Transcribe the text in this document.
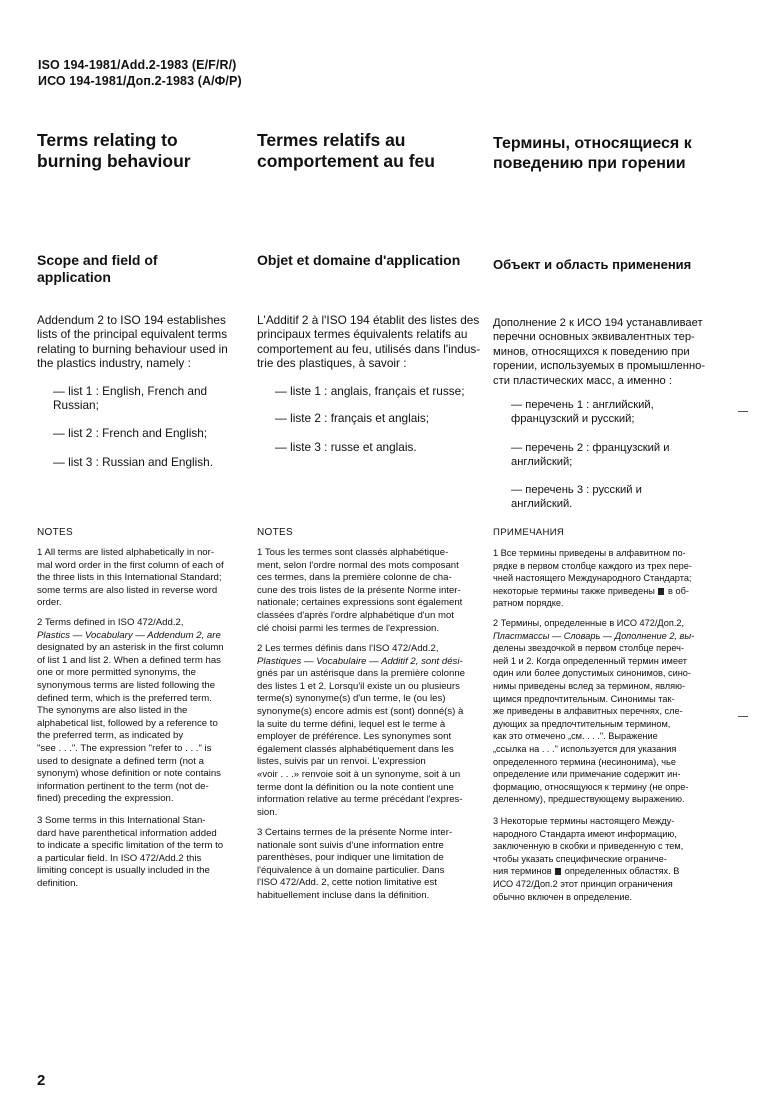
ISO 194-1981/Add.2-1983 (E/F/R/)
ИСО 194-1981/Доп.2-1983 (А/Ф/Р)
Terms relating to
burning behaviour
Scope and field of
application
Addendum 2 to ISO 194 establishes
lists of the principal equivalent terms
relating to burning behaviour used in
the plastics industry, namely :
— list 1 : English, French and
Russian;
— list 2 : French and English;
— list 3 : Russian and English.
NOTES
1 All terms are listed alphabetically in nor-
mal word order in the first column of each of
the three lists in this International Standard;
some terms are also listed in reverse word
order.
2 Terms defined in ISO 472/Add.2,
Plastics — Vocabulary — Addendum 2, are
designated by an asterisk in the first column
of list 1 and list 2. When a defined term has
one or more permitted synonyms, the
synonymous terms are listed following the
defined term, which is the preferred term.
The synonyms are also listed in the
alphabetical list, followed by a reference to
the preferred term, as indicated by
"see . . .". The expression "refer to . . ." is
used to designate a defined term (not a
synonym) whose definition or note contains
information pertinent to the term (not de-
fined) preceding the expression.
3 Some terms in this International Stan-
dard have parenthetical information added
to indicate a specific limitation of the term to
a particular field. In ISO 472/Add.2 this
limiting concept is usually included in the
definition.
Termes relatifs au
comportement au feu
Objet et domaine d'application
L'Additif 2 à l'ISO 194 établit des listes des
principaux termes équivalents relatifs au
comportement au feu, utilisés dans l'indus-
trie des plastiques, à savoir :
— liste 1 : anglais, français et russe;
— liste 2 : français et anglais;
— liste 3 : russe et anglais.
NOTES
1 Tous les termes sont classés alphabétique-
ment, selon l'ordre normal des mots composant
ces termes, dans la première colonne de cha-
cune des trois listes de la présente Norme inter-
nationale; certaines expressions sont également
classées d'après l'ordre alphabétique d'un mot
clé choisi parmi les termes de l'expression.
2 Les termes définis dans l'ISO 472/Add.2,
Plastiques — Vocabulaire — Additif 2, sont dési-
gnés par un astérisque dans la première colonne
des listes 1 et 2. Lorsqu'il existe un ou plusieurs
terme(s) synonyme(s) d'un terme, le (ou les)
synonyme(s) encore admis est (sont) donné(s) à
la suite du terme défini, lequel est le terme à
employer de préférence. Les synonymes sont
également classés alphabétiquement dans les
listes, suivis par un renvoi. L'expression
«voir . . .» renvoie soit à un synonyme, soit à un
terme dont la définition ou la note contient une
information relative au terme précédant l'expres-
sion.
3 Certains termes de la présente Norme inter-
nationale sont suivis d'une information entre
parenthèses, pour indiquer une limitation de
l'équivalence à un domaine particulier. Dans
l'ISO 472/Add. 2, cette notion limitative est
habituellement incluse dans la définition.
Термины, относящиеся к
поведению при горении
Объект и область применения
Дополнение 2 к ИСО 194 устанавливает
перечни основных эквивалентных тер-
минов, относящихся к поведению при
горении, используемых в промышленно-
сти пластических масс, а именно :
— перечень 1 : английский,
французский и русский;
— перечень 2 : французский и
английский;
— перечень 3 : русский и
английский.
ПРИМЕЧАНИЯ
1 Все термины приведены в алфавитном по-
рядке в первом столбце каждого из трех пере-
чней настоящего Международного Стандарта;
некоторые термины также приведены в об-
ратном порядке.
2 Термины, определенные в ИСО 472/Доп.2,
Пластмассы — Словарь — Дополнение 2, вы-
делены звездочкой в первом столбце переч-
ней 1 и 2. Когда определенный термин имеет
один или более допустимых синонимов, сино-
нимы приведены вслед за термином, являю-
щимся предпочтительным. Синонимы так-
же приведены в алфавитных перечнях, сле-
дующих за предпочтительным термином,
как это отмечено „см. . . .". Выражение
„ссылка на . . ." используется для указания
определенного термина (несинонима), чье
определение или примечание содержит ин-
формацию, относящуюся к термину (не опре-
деленному), предшествующему выражению.
3 Некоторые термины настоящего Между-
народного Стандарта имеют информацию,
заключенную в скобки и приведенную с тем,
чтобы указать специфические ограниче-
ния терминов определенных областях. В
ИСО 472/Доп.2 этот принцип ограничения
обычно включен в определение.
2
